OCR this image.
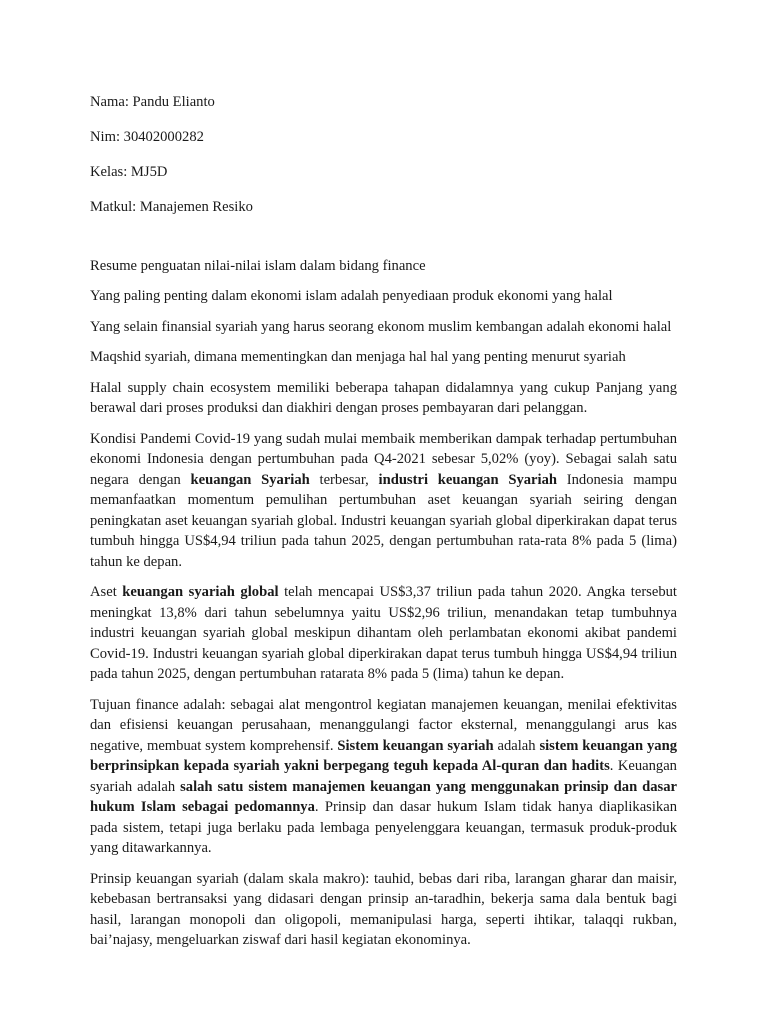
Nama: Pandu Elianto

Nim: 30402000282

Kelas: MJ5D

Matkul: Manajemen Resiko

Resume penguatan nilai-nilai islam dalam bidang finance

Yang paling penting dalam ekonomi islam adalah penyediaan produk ekonomi yang halal

Yang selain finansial syariah yang harus seorang ekonom muslim kembangan adalah ekonomi halal

Maqshid syariah, dimana mementingkan dan menjaga hal hal yang penting menurut syariah

Halal supply chain ecosystem memiliki beberapa tahapan didalamnya yang cukup Panjang yang berawal dari proses produksi dan diakhiri dengan proses pembayaran dari pelanggan.

Kondisi Pandemi Covid-19 yang sudah mulai membaik memberikan dampak terhadap pertumbuhan ekonomi Indonesia dengan pertumbuhan pada Q4-2021 sebesar 5,02% (yoy). Sebagai salah satu negara dengan keuangan Syariah terbesar, industri keuangan Syariah Indonesia mampu memanfaatkan momentum pemulihan pertumbuhan aset keuangan syariah seiring dengan peningkatan aset keuangan syariah global. Industri keuangan syariah global diperkirakan dapat terus tumbuh hingga US$4,94 triliun pada tahun 2025, dengan pertumbuhan rata-rata 8% pada 5 (lima) tahun ke depan.

Aset keuangan syariah global telah mencapai US$3,37 triliun pada tahun 2020. Angka tersebut meningkat 13,8% dari tahun sebelumnya yaitu US$2,96 triliun, menandakan tetap tumbuhnya industri keuangan syariah global meskipun dihantam oleh perlambatan ekonomi akibat pandemi Covid-19. Industri keuangan syariah global diperkirakan dapat terus tumbuh hingga US$4,94 triliun pada tahun 2025, dengan pertumbuhan ratarata 8% pada 5 (lima) tahun ke depan.

Tujuan finance adalah: sebagai alat mengontrol kegiatan manajemen keuangan, menilai efektivitas dan efisiensi keuangan perusahaan, menanggulangi factor eksternal, menanggulangi arus kas negative, membuat system komprehensif. Sistem keuangan syariah adalah sistem keuangan yang berprinsipkan kepada syariah yakni berpegang teguh kepada Al-quran dan hadits. Keuangan syariah adalah salah satu sistem manajemen keuangan yang menggunakan prinsip dan dasar hukum Islam sebagai pedomannya. Prinsip dan dasar hukum Islam tidak hanya diaplikasikan pada sistem, tetapi juga berlaku pada lembaga penyelenggara keuangan, termasuk produk-produk yang ditawarkannya.

Prinsip keuangan syariah (dalam skala makro): tauhid, bebas dari riba, larangan gharar dan maisir, kebebasan bertransaksi yang didasari dengan prinsip an-taradhin, bekerja sama dala bentuk bagi hasil, larangan monopoli dan oligopoli, memanipulasi harga, seperti ihtikar, talaqqi rukban, bai’najasy, mengeluarkan ziswaf dari hasil kegiatan ekonominya.
